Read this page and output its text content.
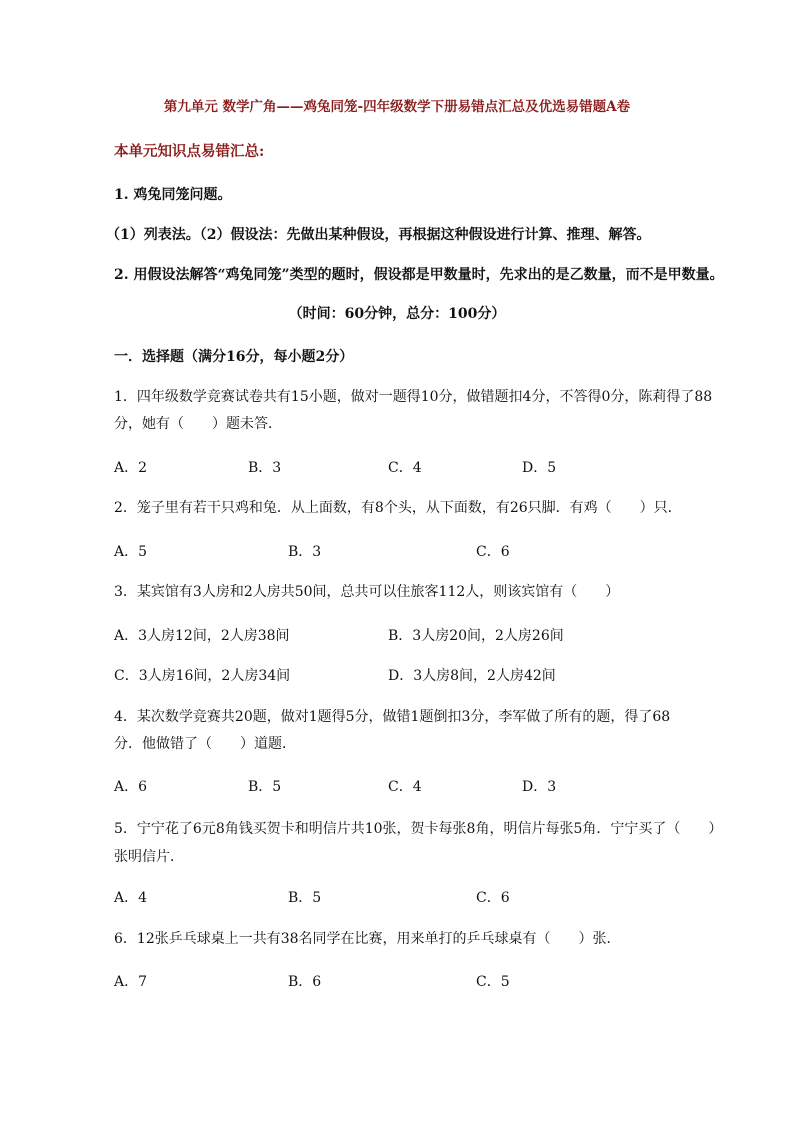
第九单元 数学广角——鸡兔同笼-四年级数学下册易错点汇总及优选易错题A卷
本单元知识点易错汇总:
1. 鸡兔同笼问题。
（1）列表法。（2）假设法：先做出某种假设，再根据这种假设进行计算、推理、解答。
2. 用假设法解答“鸡兔同笼”类型的题时，假设都是甲数量时，先求出的是乙数量，而不是甲数量。
（时间：60分钟，总分：100分）
一．选择题（满分16分，每小题2分）
1．四年级数学竞赛试卷共有15小题，做对一题得10分，做错题扣4分，不答得0分，陈莉得了88
分，她有（　　）题未答．
A．2	B．3	C．4	D．5
2．笼子里有若干只鸡和兔．从上面数，有8个头，从下面数，有26只脚．有鸡（　　）只．
A．5	B．3	C．6
3．某宾馆有3人房和2人房共50间，总共可以住旅客112人，则该宾馆有（　　）
A．3人房12间，2人房38间	B．3人房20间，2人房26间
C．3人房16间，2人房34间	D．3人房8间，2人房42间
4．某次数学竞赛共20题，做对1题得5分，做错1题倒扣3分，李军做了所有的题，得了68
分．他做错了（　　）道题．
A．6	B．5	C．4	D．3
5．宁宁花了6元8角钱买贺卡和明信片共10张，贺卡每张8角，明信片每张5角．宁宁买了（　　）
张明信片．
A．4	B．5	C．6
6．12张乒乓球桌上一共有38名同学在比赛，用来单打的乒乓球桌有（　　）张．
A．7	B．6	C．5
